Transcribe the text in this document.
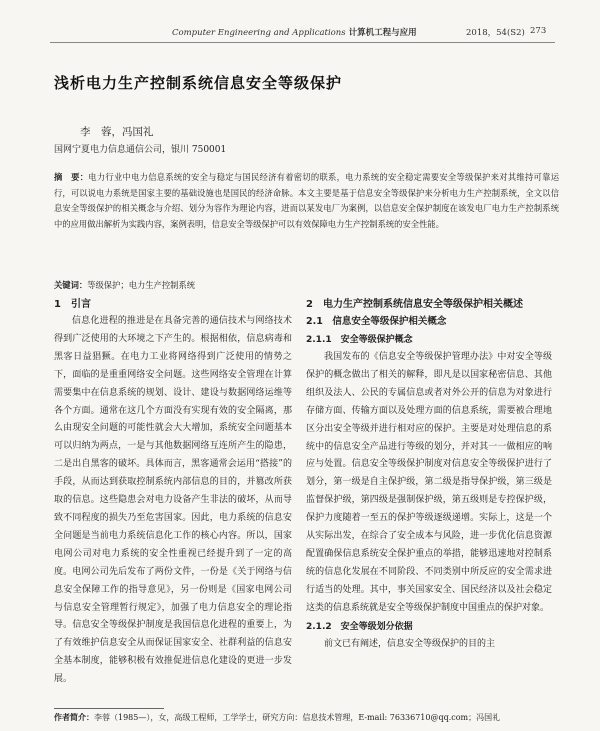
Computer Engineering and Applications 计算机工程与应用	2018，54(S2) 273
浅析电力生产控制系统信息安全等级保护
李　蓉，冯国礼
国网宁夏电力信息通信公司，银川 750001
摘　要：电力行业中电力信息系统的安全与稳定与国民经济有着密切的联系，电力系统的安全稳定需要安全等级保护来对其维持可靠运行，可以说电力系统是国家主要的基础设施也是国民的经济命脉。本文主要是基于信息安全等级保护来分析电力生产控制系统，全文以信息安全等级保护的相关概念与介绍、划分为容作为理论内容，进而以某发电厂为案例，以信息安全保护制度在该发电厂电力生产控制系统中的应用做出解析为实践内容，案例表明，信息安全等级保护可以有效保障电力生产控制系统的安全性能。
关键词：等级保护；电力生产控制系统
1　引言

信息化进程的推进是在具备完善的通信技术与网络技术得到广泛使用的大环境之下产生的。根据相依，信息病毒和黑客日益猖獗。在电力工业将网络得到广泛使用的情势之下，面临的是重重网络安全问题。这些网络安全管理在计算需要集中在信息系统的规划、设计、建设与数据网络运维等各个方面。通常在这几个方面没有实现有效的安全隔离，那么由现安全问题的可能性就会大大增加，系统安全问题基本可以归纳为两点，一是与其他数据网络互连所产生的隐患，二是出自黑客的破坏。具体而言，黑客通常会运用“搭接”的手段，从而达到获取控制系统内部信息的目的，并篡改所获取的信息。这些隐患会对电力设备产生非法的破坏，从而导致不同程度的损失乃至危害国家。因此，电力系统的信息安全问题是当前电力系统信息化工作的核心内容。所以，国家电网公司对电力系统的安全性重视已经提升到了一定的高度。电网公司先后发布了两份文件，一份是《关于网络与信息安全保障工作的指导意见》，另一份则是《国家电网公司与信息安全管理暂行规定》，加强了电力信息安全的理论指导。信息安全等级保护制度是我国信息化进程的重要上，为了有效维护信息安全从而保证国家安全、社群利益的信息安全基本制度，能够积极有效推促进信息化建设的更进一步发展。

2　电力生产控制系统信息安全等级保护相关概述
2.1　信息安全等级保护相关概念
2.1.1　安全等级保护概念

我国发布的《信息安全等级保护管理办法》中对安全等级保护的概念做出了相关的解释，即凡是以国家秘密信息、其他组织及法人、公民的专属信息或者对外公开的信息为对象进行存储方面、传输方面以及处理方面的信息系统，需要被合理地区分出安全等级并进行相对应的保护。主要是对处理信息的系统中的信息安全产品进行等级的划分，并对其一一做相应的响应与处置。信息安全等级保护制度对信息安全等级保护进行了划分，第一级是自主保护级，第二级是指导保护级，第三级是监督保护级，第四级是强制保护级，第五级则是专控保护级，保护力度随着一至五的保护等级逐级递增。实际上，这是一个从实际出发，在综合了安全成本与风险，进一步优化信息资源配置确保信息系统安全保护重点的举措，能够迅速地对控制系统的信息化发展在不同阶段、不同类别中所反应的安全需求进行适当的处理。其中，事关国家安全、国民经济以及社会稳定这类的信息系统就是安全等级保护制度中国重点的保护对象。

2.1.2　安全等级划分依据

前文已有阐述，信息安全等级保护的目的主

作者简介：李蓉（1985—），女，高级工程师，工学学士，研究方向：信息技术管理，E-mail: 76336710@qq.com；冯国礼
